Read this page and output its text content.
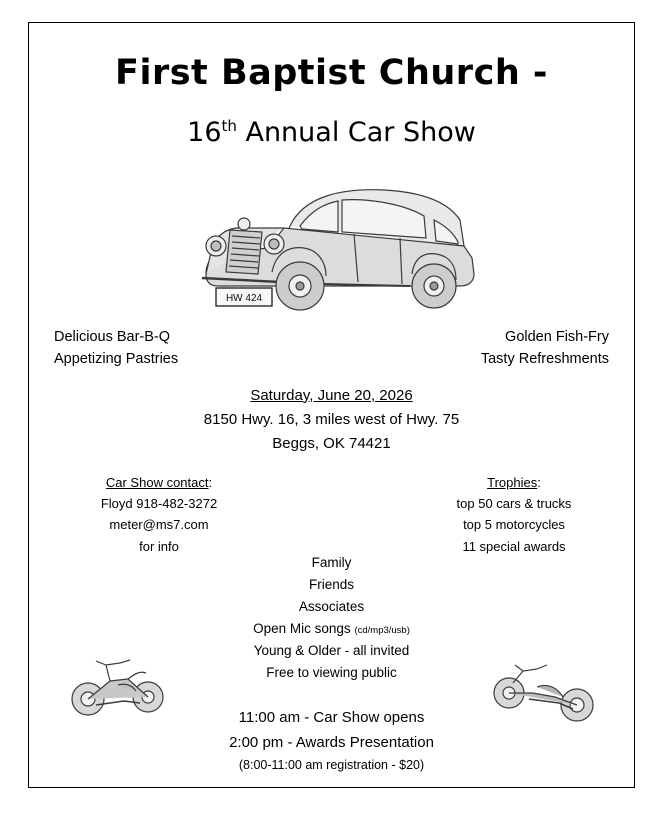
First Baptist Church -
16th Annual Car Show
HW 424
Delicious Bar-B-Q
Appetizing Pastries
Golden Fish-Fry
Tasty Refreshments
Saturday, June 20, 2026
8150 Hwy. 16, 3 miles west of Hwy. 75
Beggs, OK 74421
Car Show contact:
Floyd 918-482-3272
meter@ms7.com
for info
Trophies:
top 50 cars & trucks
top 5 motorcycles
11 special awards
Family
Friends
Associates
Open Mic songs (cd/mp3/usb)
Young & Older - all invited
Free to viewing public
11:00 am - Car Show opens
2:00 pm - Awards Presentation
(8:00-11:00 am registration - $20)
